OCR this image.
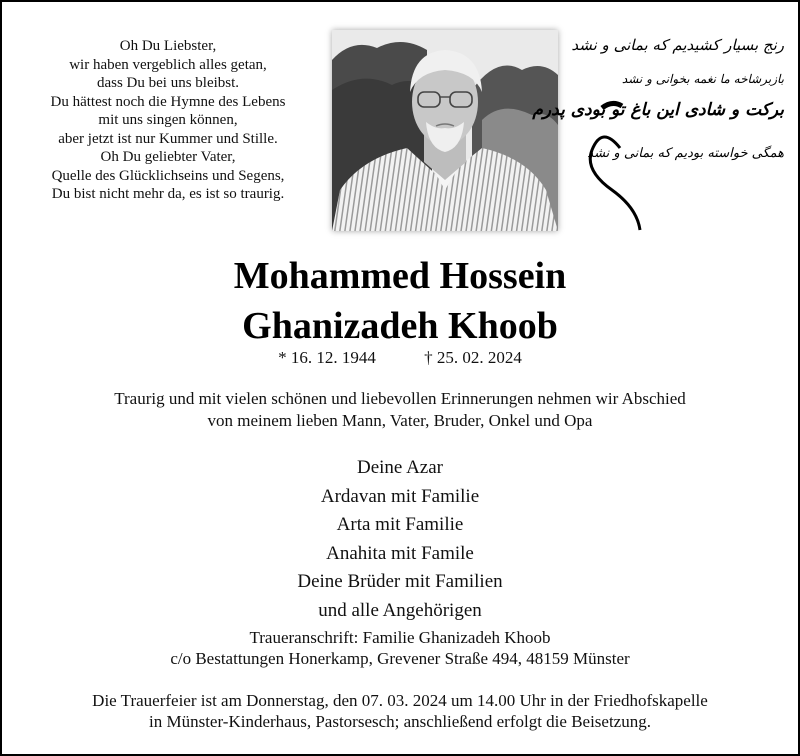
Oh Du Liebster,
wir haben vergeblich alles getan,
dass Du bei uns bleibst.
Du hättest noch die Hymne des Lebens
mit uns singen können,
aber jetzt ist nur Kummer und Stille.
Oh Du geliebter Vater,
Quelle des Glücklichseins und Segens,
Du bist nicht mehr da, es ist so traurig.
رنج بسیار کشیدیم که بمانی و نشد
بازبرشاخه ما نغمه بخوانی و نشد
برکت و شادی این باغ تو بودی پدرم
همگی خواسته بودیم که بمانی و نشد
Mohammed Hossein
Ghanizadeh Khoob
* 16. 12. 1944	† 25. 02. 2024
Traurig und mit vielen schönen und liebevollen Erinnerungen nehmen wir Abschied
von meinem lieben Mann, Vater, Bruder, Onkel und Opa
Deine Azar
Ardavan mit Familie
Arta mit Familie
Anahita mit Famile
Deine Brüder mit Familien
und alle Angehörigen
Traueranschrift: Familie Ghanizadeh Khoob
c/o Bestattungen Honerkamp, Grevener Straße 494, 48159 Münster
Die Trauerfeier ist am Donnerstag, den 07. 03. 2024 um 14.00 Uhr in der Friedhofskapelle
in Münster-Kinderhaus, Pastorsesch; anschließend erfolgt die Beisetzung.
